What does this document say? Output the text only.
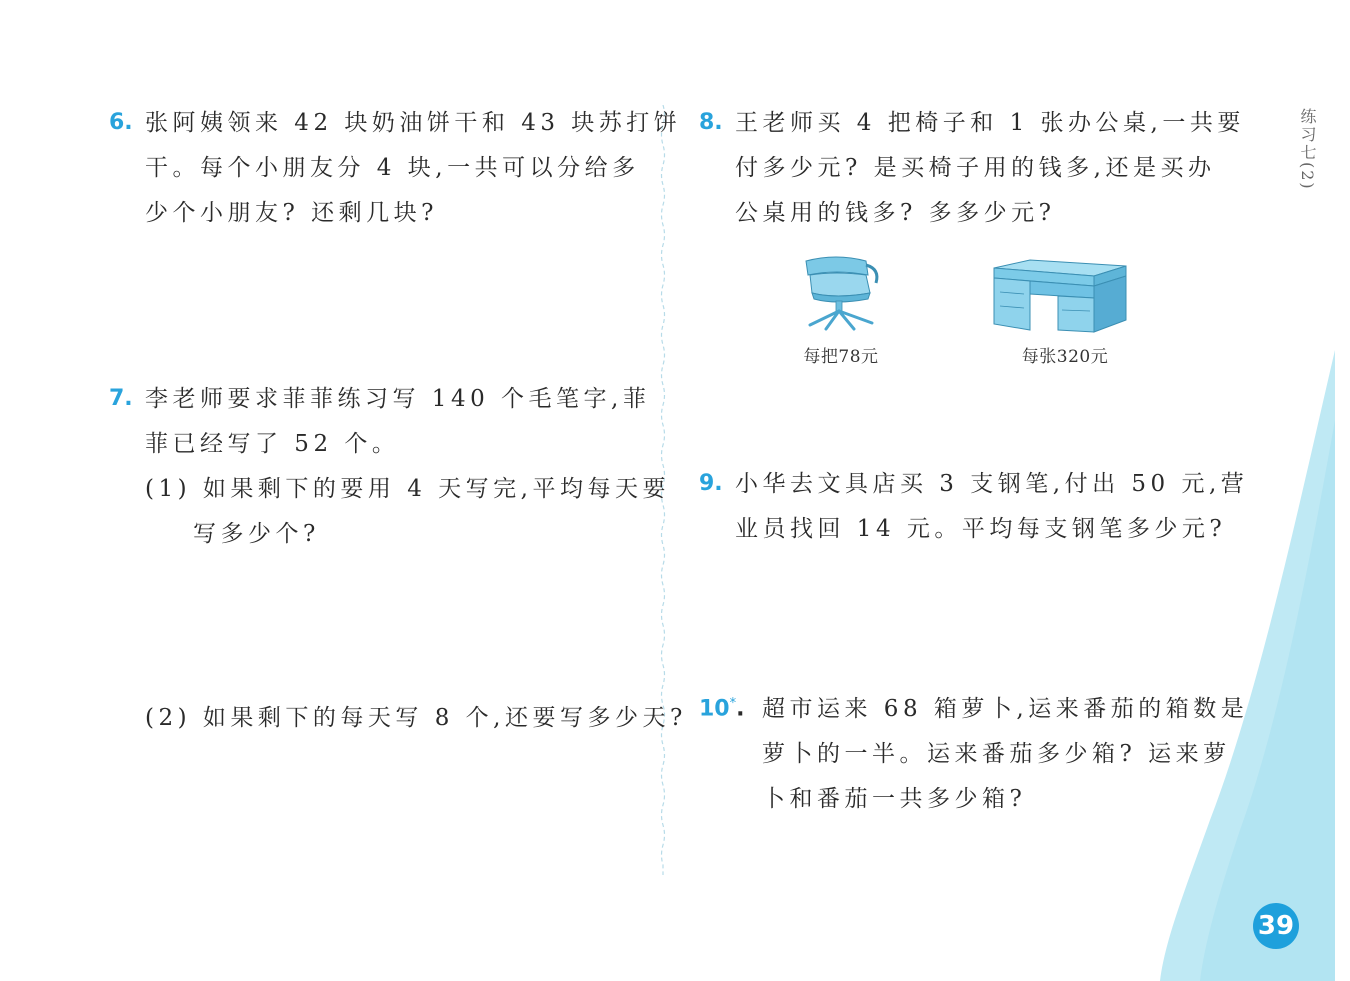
6. 张阿姨领来 42 块奶油饼干和 43 块苏打饼
干。每个小朋友分 4 块,一共可以分给多
少个小朋友? 还剩几块?
7. 李老师要求菲菲练习写 140 个毛笔字,菲
菲已经写了 52 个。
(1) 如果剩下的要用 4 天写完,平均每天要
写多少个?
(2) 如果剩下的每天写 8 个,还要写多少天?
8. 王老师买 4 把椅子和 1 张办公桌,一共要
付多少元? 是买椅子用的钱多,还是买办
公桌用的钱多? 多多少元?
每把78元	每张320元
9. 小华去文具店买 3 支钢笔,付出 50 元,营
业员找回 14 元。平均每支钢笔多少元?
10*. 超市运来 68 箱萝卜,运来番茄的箱数是
萝卜的一半。运来番茄多少箱? 运来萝
卜和番茄一共多少箱?
练习七(2)
39
